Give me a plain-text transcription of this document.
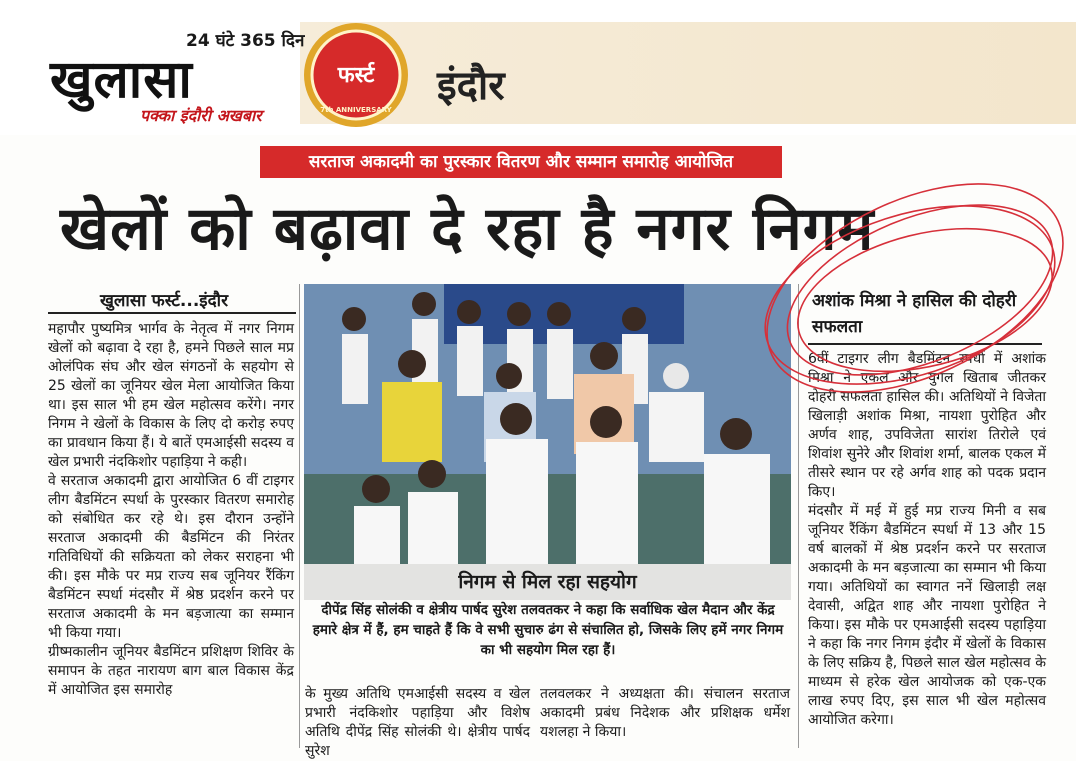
24 घंटे 365 दिन
खुलासा
पक्का इंदौरी अखबार
फर्स्ट
7th ANNIVERSARY
इंदौर
सरताज अकादमी का पुरस्कार वितरण और सम्मान समारोह आयोजित
खेलों को बढ़ावा दे रहा है नगर निगम
खुलासा फर्स्ट...इंदौर

महापौर पुष्यमित्र भार्गव के नेतृत्व में नगर निगम खेलों को बढ़ावा दे रहा है, हमने पिछले साल मप्र ओलंपिक संघ और खेल संगठनों के सहयोग से 25 खेलों का जूनियर खेल मेला आयोजित किया था। इस साल भी हम खेल महोत्सव करेंगे। नगर निगम ने खेलों के विकास के लिए दो करोड़ रुपए का प्रावधान किया हैं। ये बातें एमआईसी सदस्य व खेल प्रभारी नंदकिशोर पहाड़िया ने कही।

वे सरताज अकादमी द्वारा आयोजित 6 वीं टाइगर लीग बैडमिंटन स्पर्धा के पुरस्कार वितरण समारोह को संबोधित कर रहे थे। इस दौरान उन्होंने सरताज अकादमी की बैडमिंटन की निरंतर गतिविधियों की सक्रियता को लेकर सराहना भी की। इस मौके पर मप्र राज्य सब जूनियर रैंकिंग बैडमिंटन स्पर्धा मंदसौर में श्रेष्ठ प्रदर्शन करने पर सरताज अकादमी के मन बड़जात्या का सम्मान भी किया गया।

ग्रीष्मकालीन जूनियर बैडमिंटन प्रशिक्षण शिविर के समापन के तहत नारायण बाग बाल विकास केंद्र में आयोजित इस समारोह

निगम से मिल रहा सहयोग
दीपेंद्र सिंह सोलंकी व क्षेत्रीय पार्षद सुरेश तलवतकर ने कहा कि सर्वाधिक खेल मैदान और केंद्र हमारे क्षेत्र में हैं, हम चाहते हैं कि वे सभी सुचारु ढंग से संचालित हो, जिसके लिए हमें नगर निगम का भी सहयोग मिल रहा हैं।
के मुख्य अतिथि एमआईसी सदस्य व खेल प्रभारी नंदकिशोर पहाड़िया और विशेष अतिथि दीपेंद्र सिंह सोलंकी थे। क्षेत्रीय पार्षद सुरेश
तलवलकर ने अध्यक्षता की। संचालन सरताज अकादमी प्रबंध निदेशक और प्रशिक्षक धर्मेश यशलहा ने किया।
अशांक मिश्रा ने हासिल की दोहरी सफलता

6वीं टाइगर लीग बैडमिंटन स्पर्धा में अशांक मिश्रा ने एकल और युगल खिताब जीतकर दोहरी सफलता हासिल की। अतिथियों ने विजेता खिलाड़ी अशांक मिश्रा, नायशा पुरोहित और अर्णव शाह, उपविजेता सारांश तिरोले एवं शिवांश सुनेरे और शिवांश शर्मा, बालक एकल में तीसरे स्थान पर रहे अर्गव शाह को पदक प्रदान किए।

मंदसौर में मई में हुई मप्र राज्य मिनी व सब जूनियर रैंकिंग बैडमिंटन स्पर्धा में 13 और 15 वर्ष बालकों में श्रेष्ठ प्रदर्शन करने पर सरताज अकादमी के मन बड़जात्या का सम्मान भी किया गया। अतिथियों का स्वागत ननें खिलाड़ी लक्ष देवासी, अद्वित शाह और नायशा पुरोहित ने किया। इस मौके पर एमआईसी सदस्य पहाड़िया ने कहा कि नगर निगम इंदौर में खेलों के विकास के लिए सक्रिय है, पिछले साल खेल महोत्सव के माध्यम से हरेक खेल आयोजक को एक-एक लाख रुपए दिए, इस साल भी खेल महोत्सव आयोजित करेगा।
